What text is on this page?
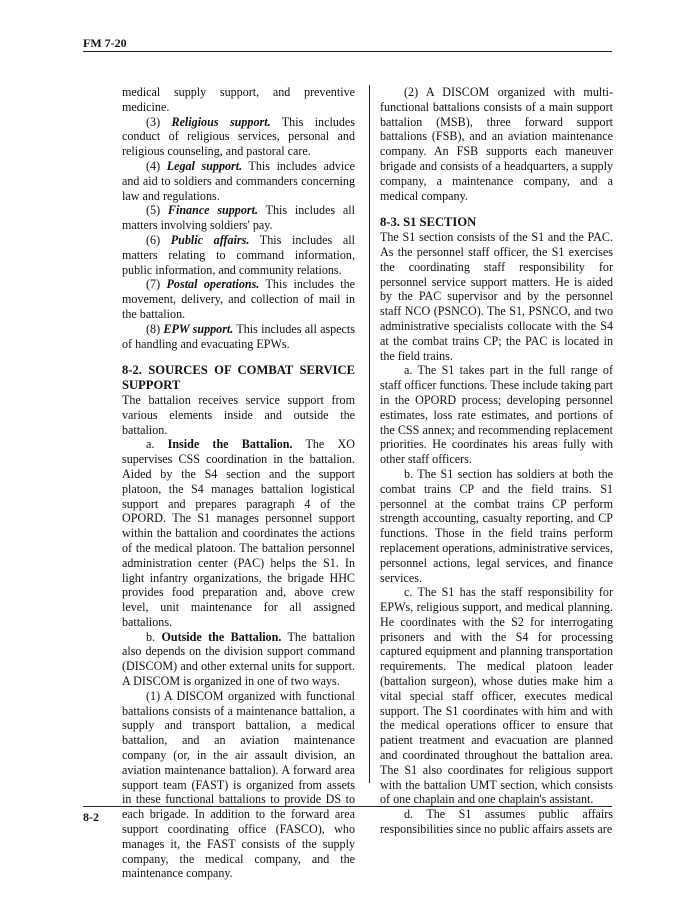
FM 7-20

medical supply support, and preventive medicine.

(3) Religious support. This includes conduct of religious services, personal and religious counseling, and pastoral care.

(4) Legal support. This includes advice and aid to soldiers and commanders concerning law and regulations.

(5) Finance support. This includes all matters involving soldiers' pay.

(6) Public affairs. This includes all matters relating to command information, public information, and community relations.

(7) Postal operations. This includes the movement, delivery, and collection of mail in the battalion.

(8) EPW support. This includes all aspects of handling and evacuating EPWs.

8-2. SOURCES OF COMBAT SERVICE SUPPORT

The battalion receives service support from various elements inside and outside the battalion.

a. Inside the Battalion. The XO supervises CSS coordination in the battalion. Aided by the S4 section and the support platoon, the S4 manages battalion logistical support and prepares paragraph 4 of the OPORD. The S1 manages personnel support within the battalion and coordinates the actions of the medical platoon. The battalion personnel administration center (PAC) helps the S1. In light infantry organizations, the brigade HHC provides food preparation and, above crew level, unit maintenance for all assigned battalions.

b. Outside the Battalion. The battalion also depends on the division support command (DISCOM) and other external units for support. A DISCOM is organized in one of two ways.

(1) A DISCOM organized with functional battalions consists of a maintenance battalion, a supply and transport battalion, a medical battalion, and an aviation maintenance company (or, in the air assault division, an aviation maintenance battalion). A forward area support team (FAST) is organized from assets in these functional battalions to provide DS to each brigade. In addition to the forward area support coordinating office (FASCO), who manages it, the FAST consists of the supply company, the medical company, and the maintenance company.

(2) A DISCOM organized with multi-functional battalions consists of a main support battalion (MSB), three forward support battalions (FSB), and an aviation maintenance company. An FSB supports each maneuver brigade and consists of a headquarters, a supply company, a maintenance company, and a medical company.

8-3. S1 SECTION

The S1 section consists of the S1 and the PAC. As the personnel staff officer, the S1 exercises the coordinating staff responsibility for personnel service support matters. He is aided by the PAC supervisor and by the personnel staff NCO (PSNCO). The S1, PSNCO, and two administrative specialists collocate with the S4 at the combat trains CP; the PAC is located in the field trains.

a. The S1 takes part in the full range of staff officer functions. These include taking part in the OPORD process; developing personnel estimates, loss rate estimates, and portions of the CSS annex; and recommending replacement priorities. He coordinates his areas fully with other staff officers.

b. The S1 section has soldiers at both the combat trains CP and the field trains. S1 personnel at the combat trains CP perform strength accounting, casualty reporting, and CP functions. Those in the field trains perform replacement operations, administrative services, personnel actions, legal services, and finance services.

c. The S1 has the staff responsibility for EPWs, religious support, and medical planning. He coordinates with the S2 for interrogating prisoners and with the S4 for processing captured equipment and planning transportation requirements. The medical platoon leader (battalion surgeon), whose duties make him a vital special staff officer, executes medical support. The S1 coordinates with him and with the medical operations officer to ensure that patient treatment and evacuation are planned and coordinated throughout the battalion area. The S1 also coordinates for religious support with the battalion UMT section, which consists of one chaplain and one chaplain's assistant.

d. The S1 assumes public affairs responsibilities since no public affairs assets are

8-2
